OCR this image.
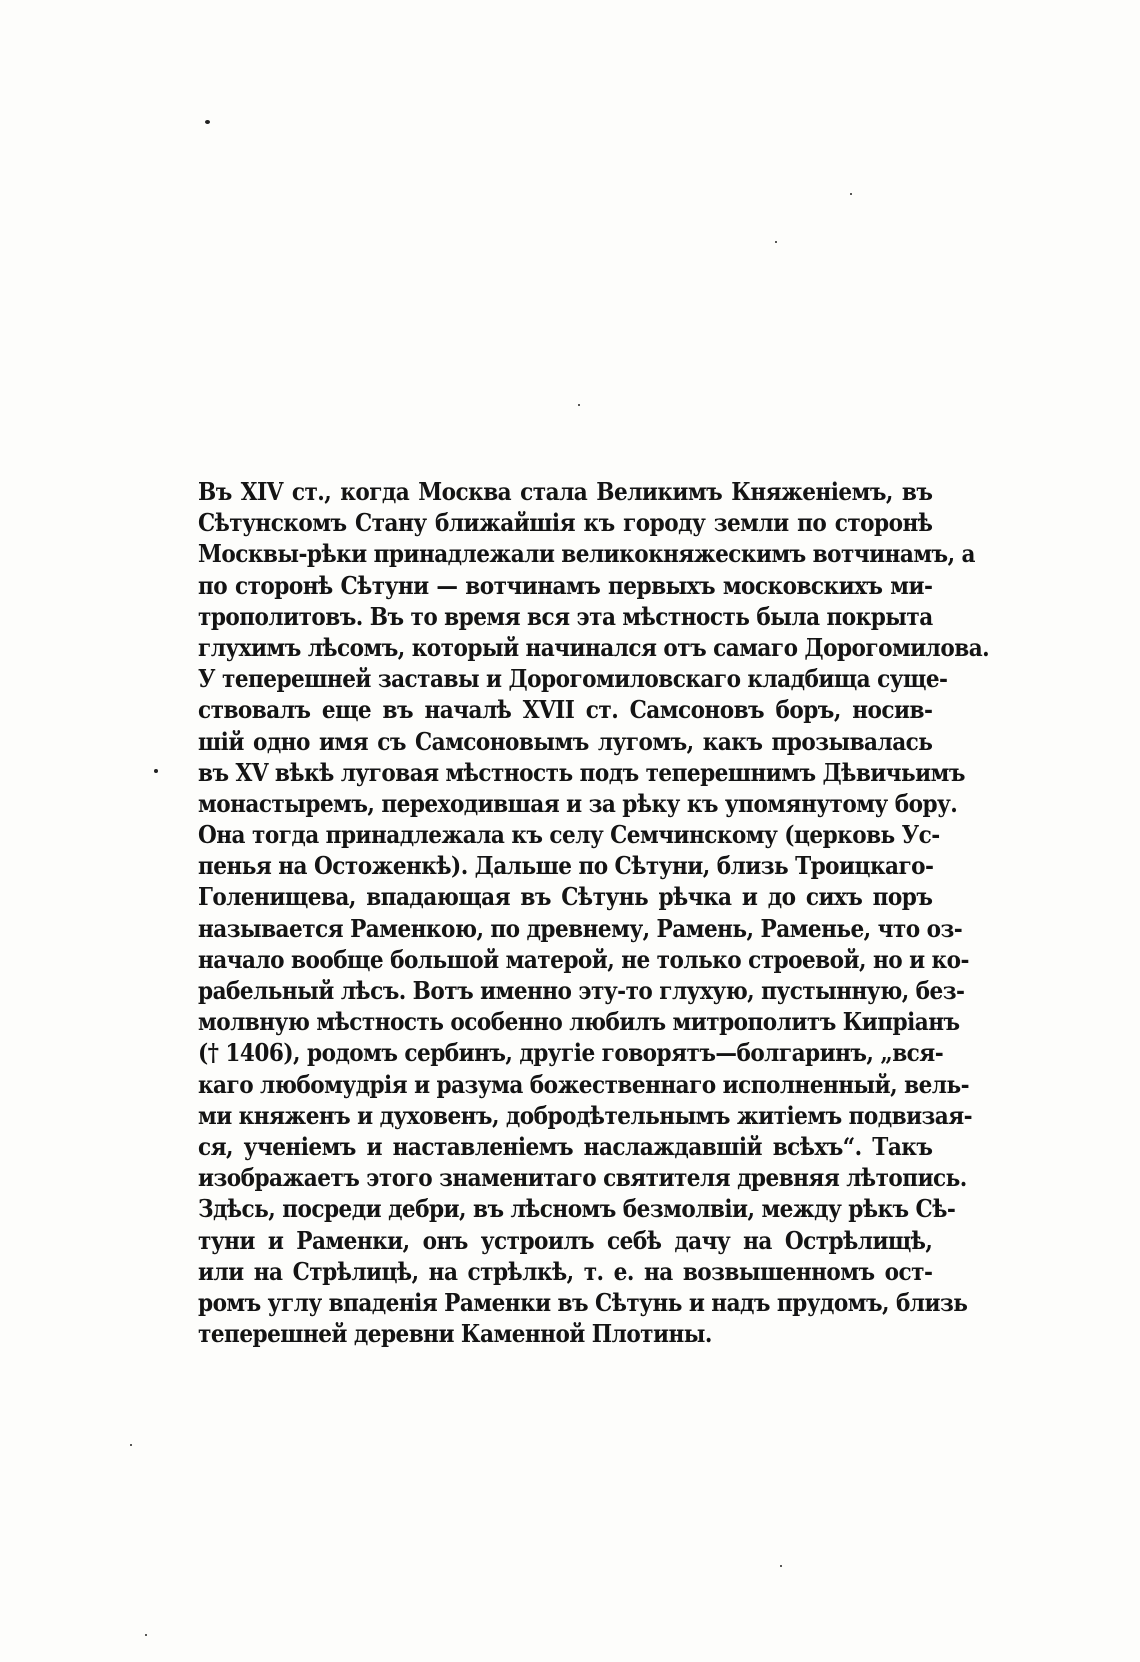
Въ XIV ст., когда Москва стала Великимъ Княженіемъ, въ
Сѣтунскомъ Стану ближайшія къ городу земли по сторонѣ
Москвы-рѣки принадлежали великокняжескимъ вотчинамъ, а
по сторонѣ Сѣтуни — вотчинамъ первыхъ московскихъ ми-
трополитовъ. Въ то время вся эта мѣстность была покрыта
глухимъ лѣсомъ, который начинался отъ самаго Дорогомилова.
У теперешней заставы и Дорогомиловскаго кладбища суще-
ствовалъ еще въ началѣ XVII ст. Самсоновъ боръ, носив-
шій одно имя съ Самсоновымъ лугомъ, какъ прозывалась
въ XV вѣкѣ луговая мѣстность подъ теперешнимъ Дѣвичьимъ
монастыремъ, переходившая и за рѣку къ упомянутому бору.
Она тогда принадлежала къ селу Семчинскому (церковь Ус-
пенья на Остоженкѣ). Дальше по Сѣтуни, близь Троицкаго-
Голенищева, впадающая въ Сѣтунь рѣчка и до сихъ поръ
называется Раменкою, по древнему, Рамень, Раменье, что оз-
начало вообще большой матерой, не только строевой, но и ко-
рабельный лѣсъ. Вотъ именно эту-то глухую, пустынную, без-
молвную мѣстность особенно любилъ митрополитъ Кипріанъ
(† 1406), родомъ сербинъ, другіе говорятъ—болгаринъ, „вся-
каго любомудрія и разума божественнаго исполненный, вель-
ми княженъ и духовенъ, добродѣтельнымъ житіемъ подвизая-
ся, ученіемъ и наставленіемъ наслаждавшій всѣхъ“. Такъ
изображаетъ этого знаменитаго святителя древняя лѣтопись.
Здѣсь, посреди дебри, въ лѣсномъ безмолвіи, между рѣкъ Сѣ-
туни и Раменки, онъ устроилъ себѣ дачу на Острѣлищѣ,
или на Стрѣлицѣ, на стрѣлкѣ, т. е. на возвышенномъ ост-
ромъ углу впаденія Раменки въ Сѣтунь и надъ прудомъ, близь
теперешней деревни Каменной Плотины.
